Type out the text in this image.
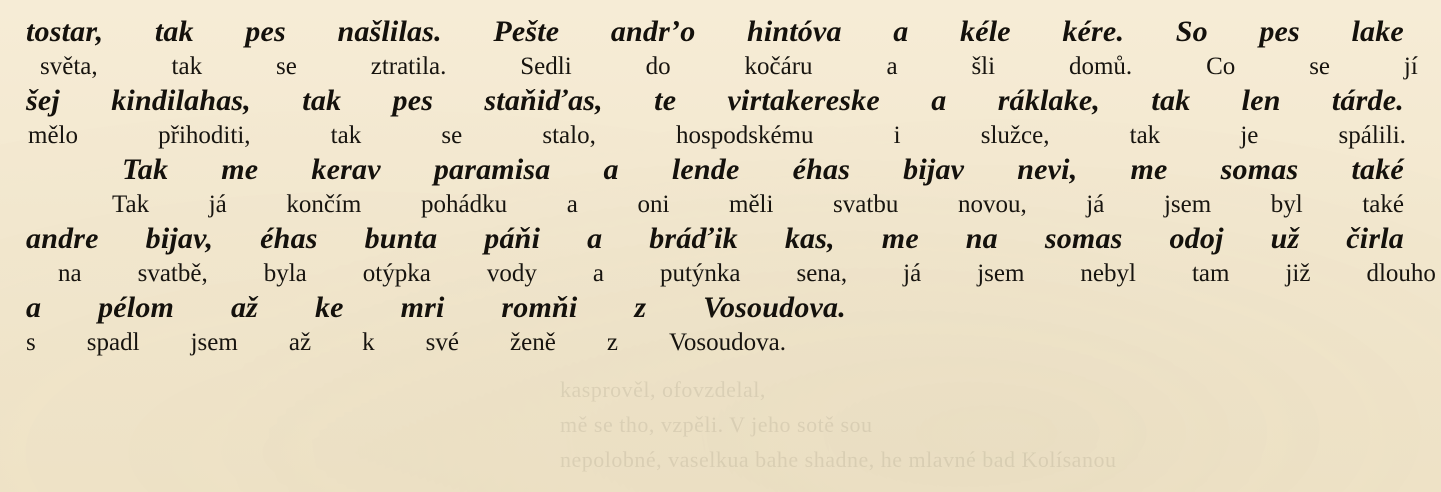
tostar, tak pes našlilas. Pešte andrʼo hintóva a kéle kére. So pes lake
světa,	tak	se	ztratila.	Sedli	do	kočáru	a	šli	domů.	Co	se	jí
šej kindilahas, tak pes staňiďas, te virtakereske a ráklake, tak len tárde.
mělo	přihoditi,	tak	se	stalo,	hospodskému	i	služce,	tak	je	spálili.
Tak me kerav paramisa a lende éhas bijav nevi, me somas také
Tak já končím pohádku a oni měli svatbu novou, já jsem byl také
andre bijav, éhas bunta páňi a bráďik kas, me na somas odoj už čirla
na svatbě, byla otýpka vody a putýnka sena, já jsem nebyl tam již dlouho
a pélom až ke mri romňi z Vosoudova.
s spadl jsem až k své ženě z Vosoudova.
